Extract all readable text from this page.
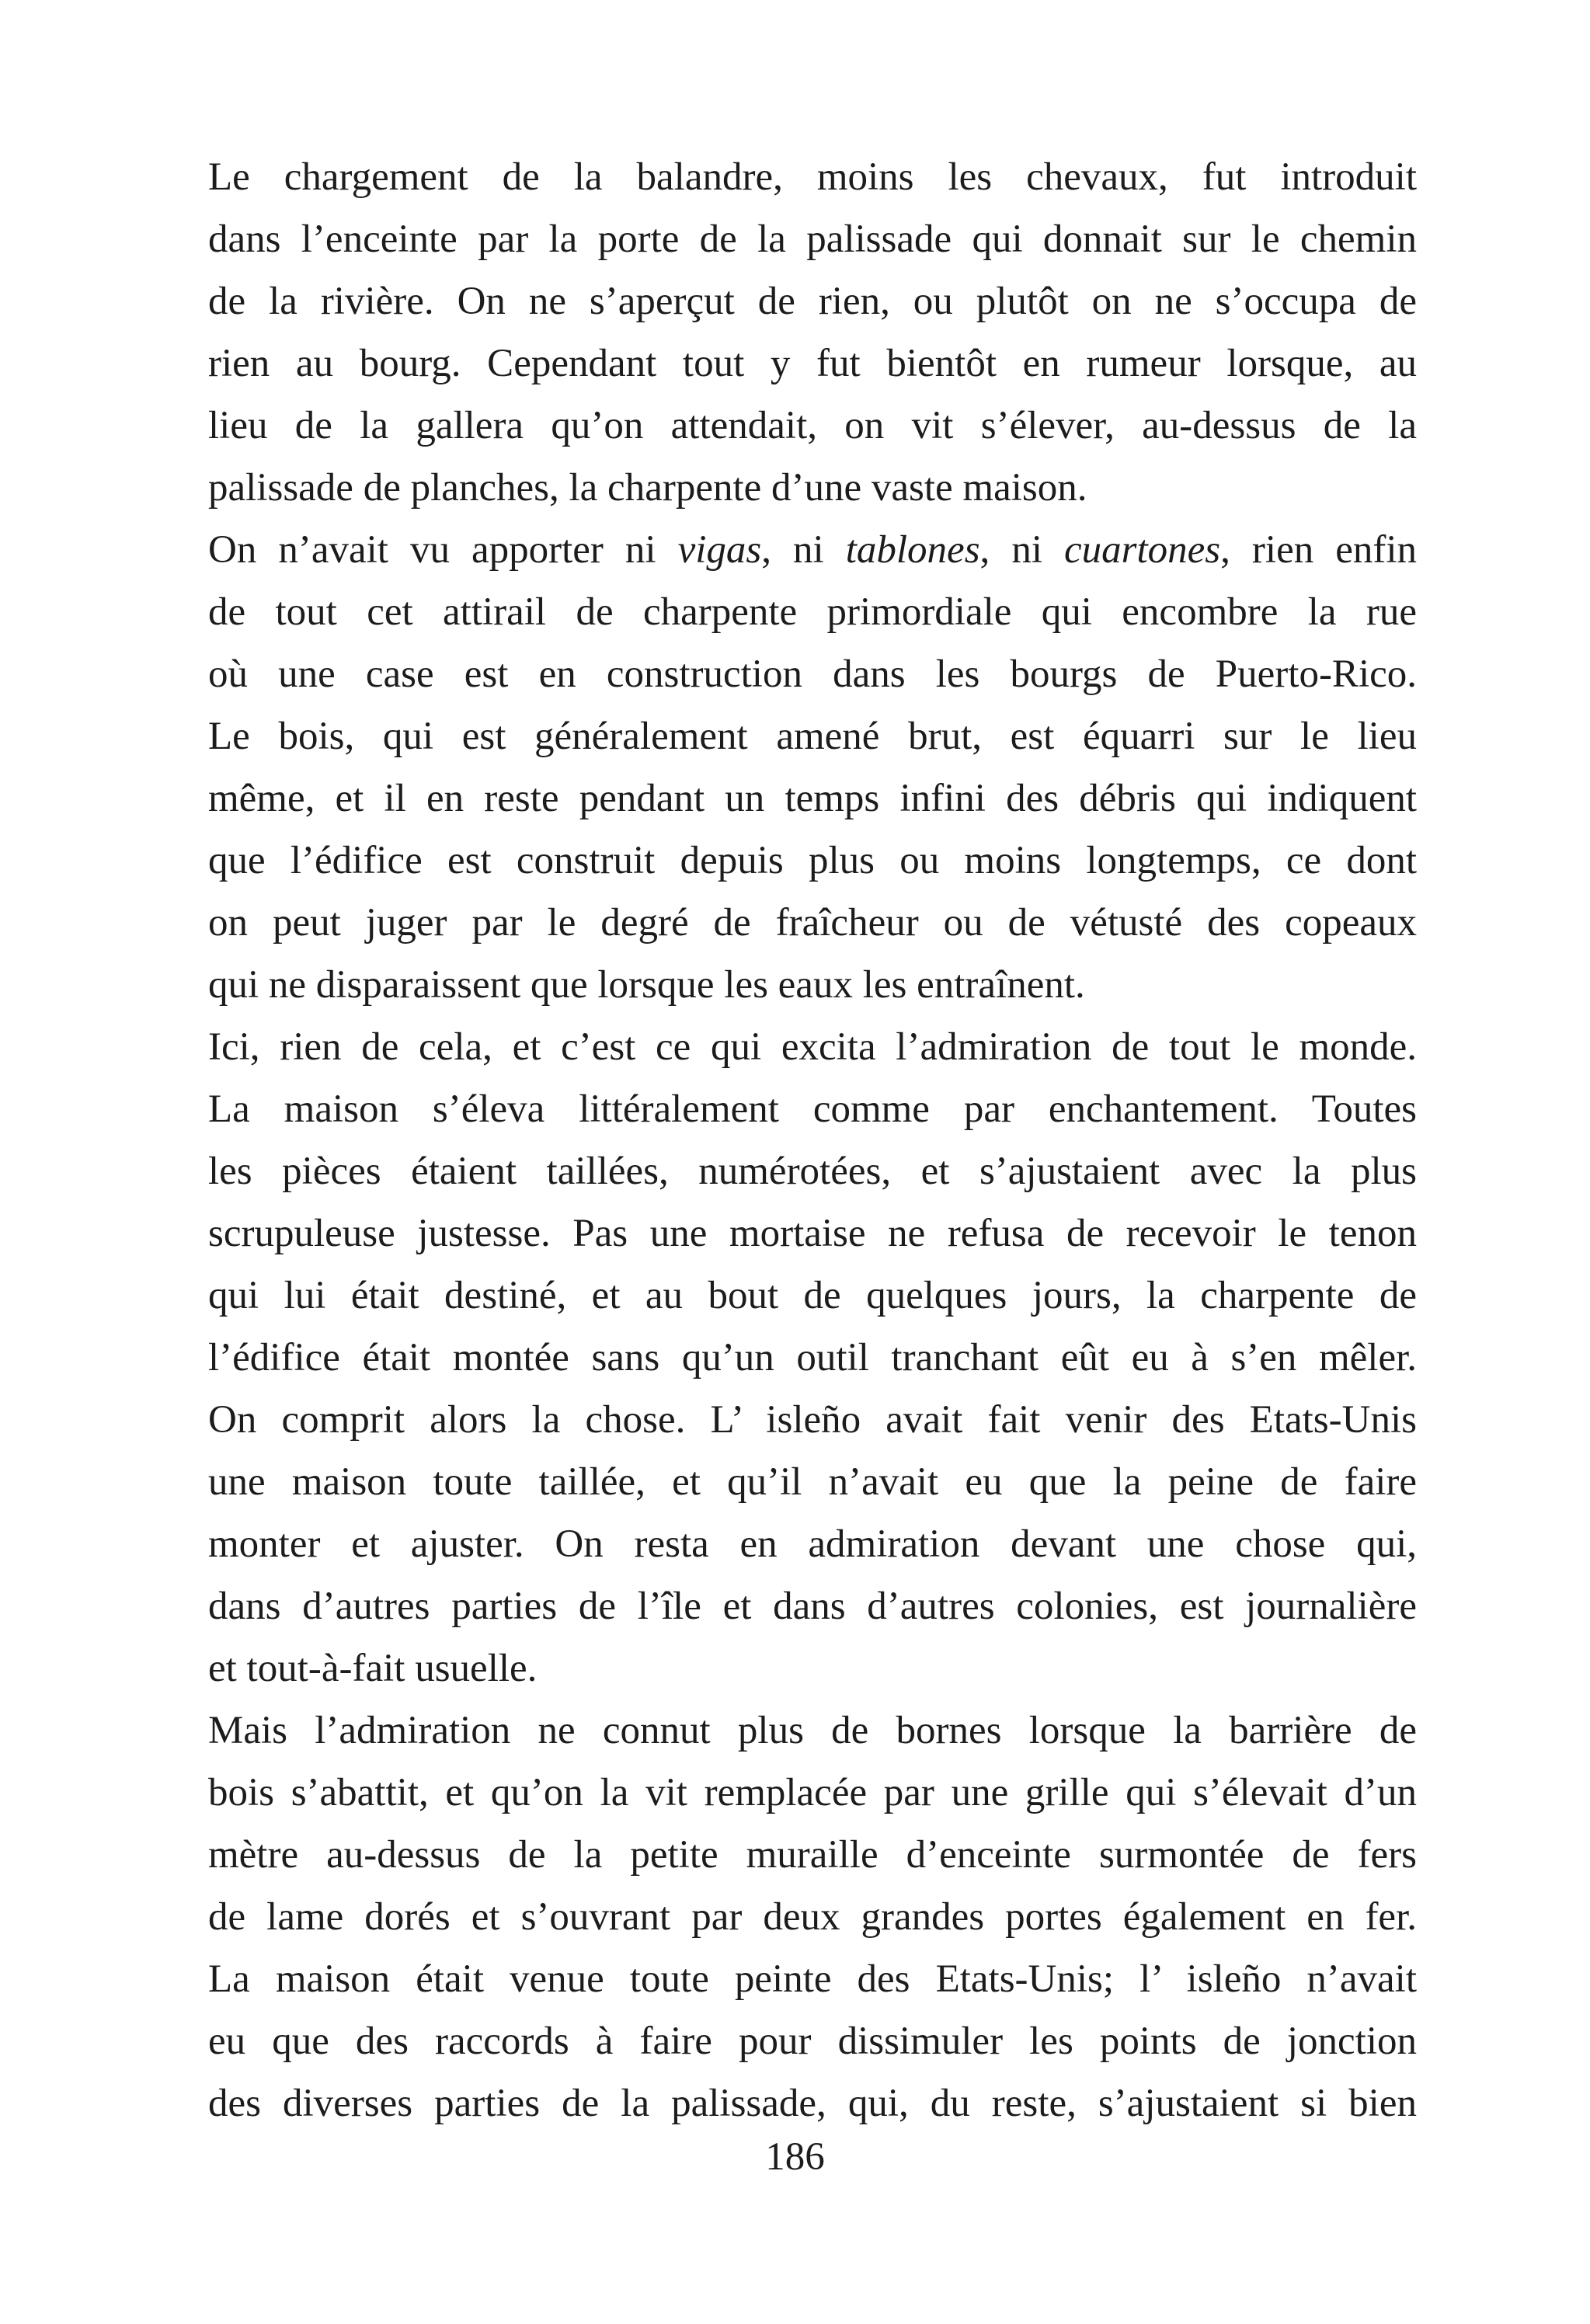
Le chargement de la balandre, moins les chevaux, fut introduit
dans l’enceinte par la porte de la palissade qui donnait sur le chemin
de la rivière. On ne s’aperçut de rien, ou plutôt on ne s’occupa de
rien au bourg. Cependant tout y fut bientôt en rumeur lorsque, au
lieu de la gallera qu’on attendait, on vit s’élever, au-dessus de la
palissade de planches, la charpente d’une vaste maison.

On n’avait vu apporter ni vigas, ni tablones, ni cuartones, rien enfin
de tout cet attirail de charpente primordiale qui encombre la rue
où une case est en construction dans les bourgs de Puerto-Rico.
Le bois, qui est généralement amené brut, est équarri sur le lieu
même, et il en reste pendant un temps infini des débris qui indiquent
que l’édifice est construit depuis plus ou moins longtemps, ce dont
on peut juger par le degré de fraîcheur ou de vétusté des copeaux
qui ne disparaissent que lorsque les eaux les entraînent.

Ici, rien de cela, et c’est ce qui excita l’admiration de tout le monde.
La maison s’éleva littéralement comme par enchantement. Toutes
les pièces étaient taillées, numérotées, et s’ajustaient avec la plus
scrupuleuse justesse. Pas une mortaise ne refusa de recevoir le tenon
qui lui était destiné, et au bout de quelques jours, la charpente de
l’édifice était montée sans qu’un outil tranchant eût eu à s’en mêler.

On comprit alors la chose. L’ isleño avait fait venir des Etats-Unis
une maison toute taillée, et qu’il n’avait eu que la peine de faire
monter et ajuster. On resta en admiration devant une chose qui,
dans d’autres parties de l’île et dans d’autres colonies, est journalière
et tout-à-fait usuelle.

Mais l’admiration ne connut plus de bornes lorsque la barrière de
bois s’abattit, et qu’on la vit remplacée par une grille qui s’élevait d’un
mètre au-dessus de la petite muraille d’enceinte surmontée de fers
de lame dorés et s’ouvrant par deux grandes portes également en fer.

La maison était venue toute peinte des Etats-Unis; l’ isleño n’avait
eu que des raccords à faire pour dissimuler les points de jonction
des diverses parties de la palissade, qui, du reste, s’ajustaient si bien

186
